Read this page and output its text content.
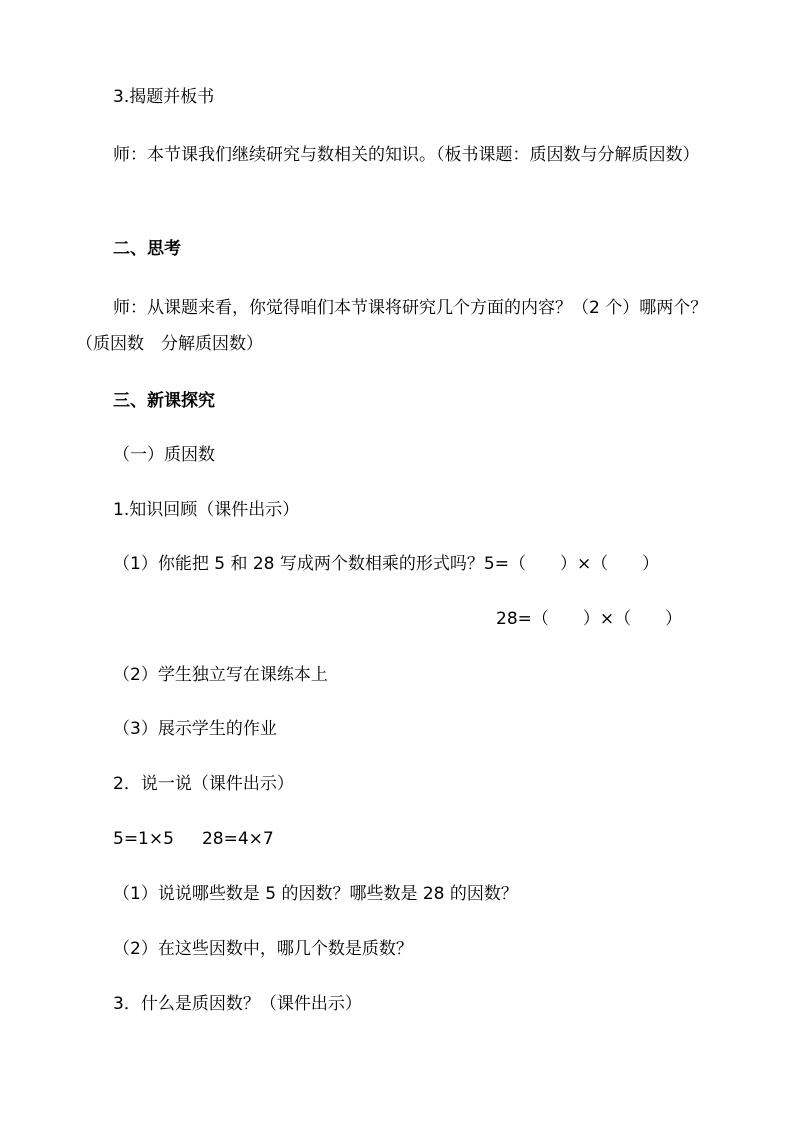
3.揭题并板书
师：本节课我们继续研究与数相关的知识。（板书课题：质因数与分解质因数）
二、思考
师：从课题来看，你觉得咱们本节课将研究几个方面的内容？（2 个）哪两个？（质因数　分解质因数）
三、新课探究
（一）质因数
1.知识回顾（课件出示）
（1）你能把 5 和 28 写成两个数相乘的形式吗？5=（　　）×（　　）
28=（　　）×（　　）
（2）学生独立写在课练本上
（3）展示学生的作业
2．说一说（课件出示）
5=1×5 28=4×7
（1）说说哪些数是 5 的因数？哪些数是 28 的因数？
（2）在这些因数中，哪几个数是质数？
3．什么是质因数？（课件出示）
